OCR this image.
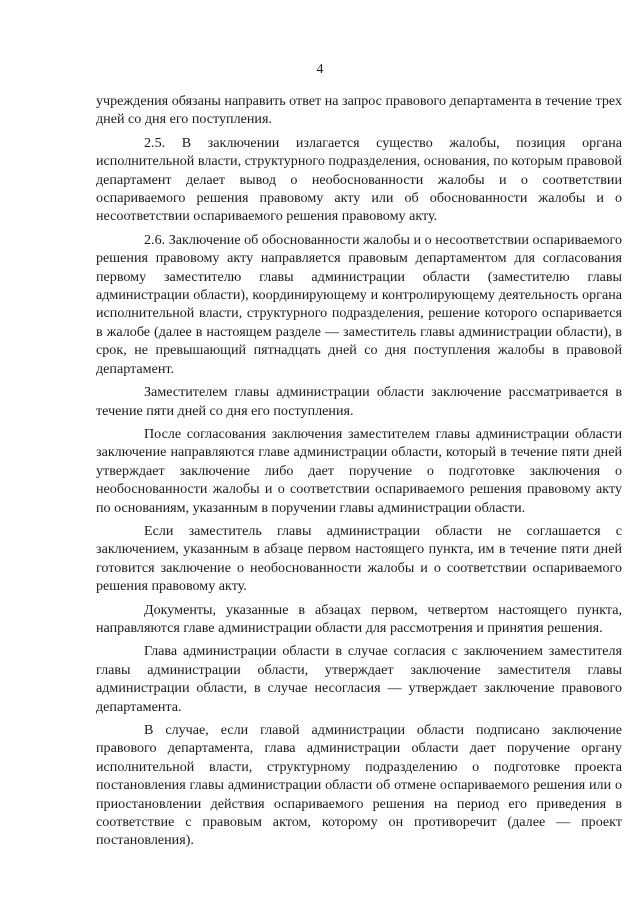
4

учреждения обязаны направить ответ на запрос правового департамента в течение трех дней со дня его поступления.

2.5. В заключении излагается существо жалобы, позиция органа исполнительной власти, структурного подразделения, основания, по которым правовой департамент делает вывод о необоснованности жалобы и о соответствии оспариваемого решения правовому акту или об обоснованности жалобы и о несоответствии оспариваемого решения правовому акту.

2.6. Заключение об обоснованности жалобы и о несоответствии оспариваемого решения правовому акту направляется правовым департаментом для согласования первому заместителю главы администрации области (заместителю главы администрации области), координирующему и контролирующему деятельность органа исполнительной власти, структурного подразделения, решение которого оспаривается в жалобе (далее в настоящем разделе — заместитель главы администрации области), в срок, не превышающий пятнадцать дней со дня поступления жалобы в правовой департамент.

Заместителем главы администрации области заключение рассматривается в течение пяти дней со дня его поступления.

После согласования заключения заместителем главы администрации области заключение направляются главе администрации области, который в течение пяти дней утверждает заключение либо дает поручение о подготовке заключения о необоснованности жалобы и о соответствии оспариваемого решения правовому акту по основаниям, указанным в поручении главы администрации области.

Если заместитель главы администрации области не соглашается с заключением, указанным в абзаце первом настоящего пункта, им в течение пяти дней готовится заключение о необоснованности жалобы и о соответствии оспариваемого решения правовому акту.

Документы, указанные в абзацах первом, четвертом настоящего пункта, направляются главе администрации области для рассмотрения и принятия решения.

Глава администрации области в случае согласия с заключением заместителя главы администрации области, утверждает заключение заместителя главы администрации области, в случае несогласия — утверждает заключение правового департамента.

В случае, если главой администрации области подписано заключение правового департамента, глава администрации области дает поручение органу исполнительной власти, структурному подразделению о подготовке проекта постановления главы администрации области об отмене оспариваемого решения или о приостановлении действия оспариваемого решения на период его приведения в соответствие с правовым актом, которому он противоречит (далее — проект постановления).
